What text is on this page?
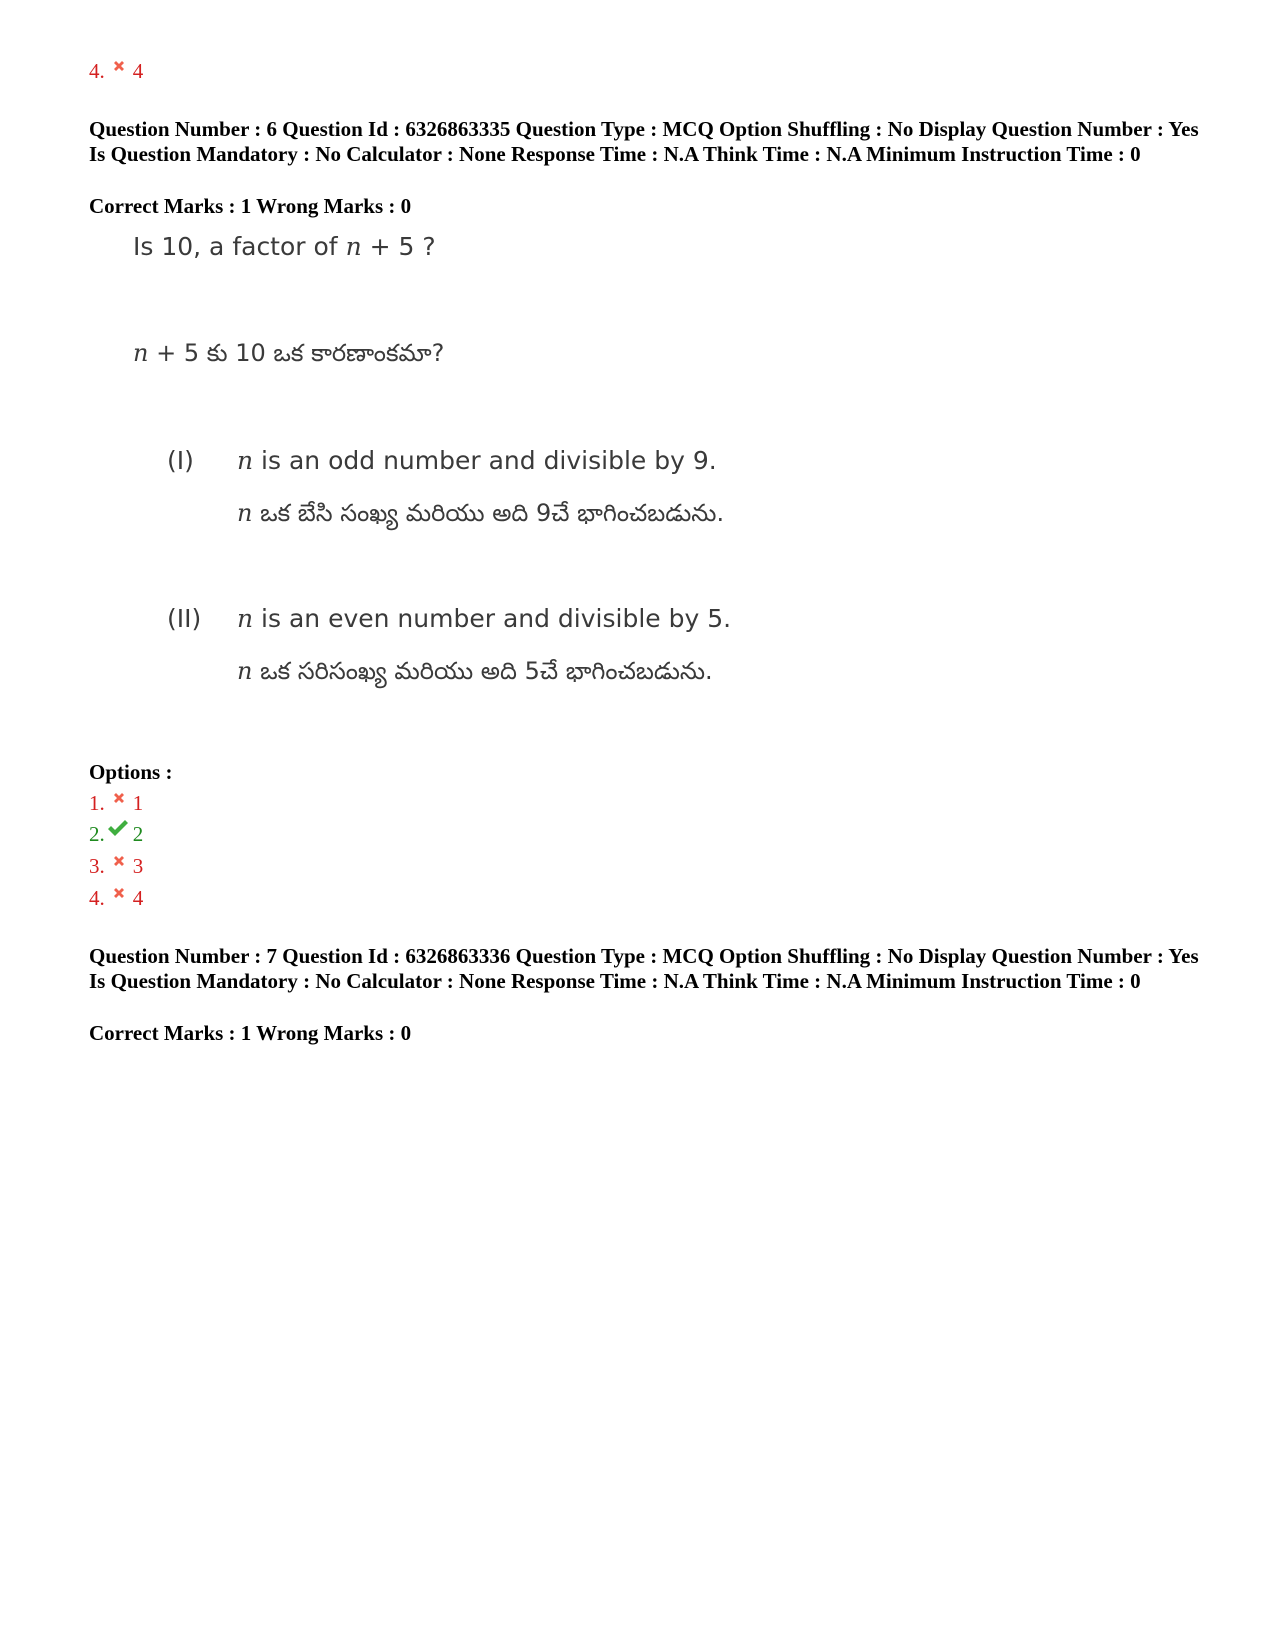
4. 4
Question Number : 6 Question Id : 6326863335 Question Type : MCQ Option Shuffling : No Display Question Number : Yes Is Question Mandatory : No Calculator : None Response Time : N.A Think Time : N.A Minimum Instruction Time : 0
Correct Marks : 1 Wrong Marks : 0
Is 10, a factor of n + 5 ?
n + 5 కు 10 ఒక కారణాంకమా?
(I) n is an odd number and divisible by 9.
n ఒక బేసి సంఖ్య మరియు అది 9చే భాగించబడును.
(II) n is an even number and divisible by 5.
n ఒక సరిసంఖ్య మరియు అది 5చే భాగించబడును.
Options :
1. 1
2. 2
3. 3
4. 4
Question Number : 7 Question Id : 6326863336 Question Type : MCQ Option Shuffling : No Display Question Number : Yes Is Question Mandatory : No Calculator : None Response Time : N.A Think Time : N.A Minimum Instruction Time : 0
Correct Marks : 1 Wrong Marks : 0
